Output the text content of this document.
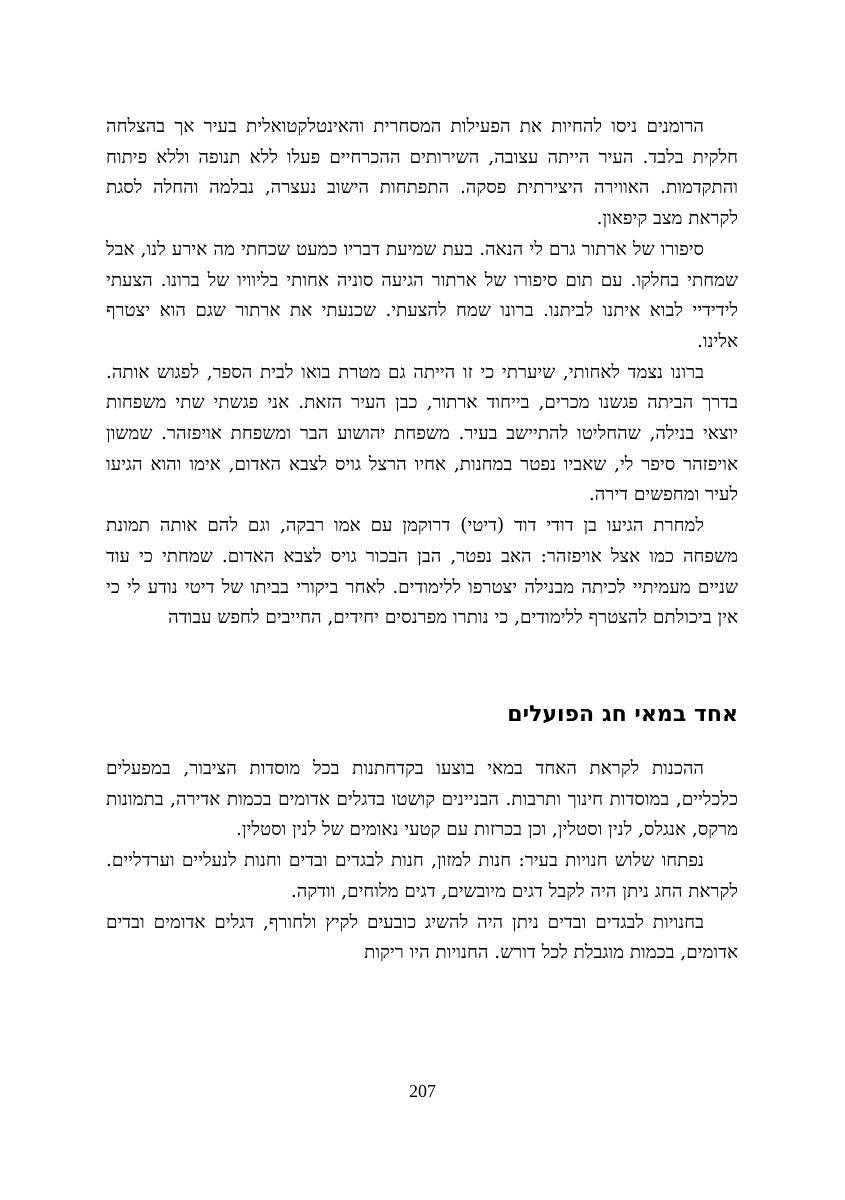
הרומנים ניסו להחיות את הפעילות המסחרית והאינטלקטואלית בעיר אך בהצלחה חלקית בלבד. העיר הייתה עצובה, השירותים ההכרחיים פעלו ללא תנופה וללא פיתוח והתקדמות. האווירה היצירתית פסקה. התפתחות הישוב נעצרה, נבלמה והחלה לסגת לקראת מצב קיפאון.

סיפורו של ארתור גרם לי הנאה. בעת שמיעת דבריו כמעט שכחתי מה אירע לנו, אבל שמחתי בחלקו. עם תום סיפורו של ארתור הגיעה סוניה אחותי בליוויו של ברונו. הצעתי לידידיי לבוא איתנו לביתנו. ברונו שמח להצעתי. שכנעתי את ארתור שגם הוא יצטרף אלינו.

ברונו נצמד לאחותי, שיערתי כי זו הייתה גם מטרת בואו לבית הספר, לפגוש אותה. בדרך הביתה פגשנו מכרים, בייחוד ארתור, כבן העיר הזאת. אני פגשתי שתי משפחות יוצאי בנילה, שהחליטו להתיישב בעיר. משפחת יהושוע הבר ומשפחת אויפזהר. שמשון אויפזהר סיפר לי, שאביו נפטר במחנות, אחיו הרצל גויס לצבא האדום, אימו והוא הגיעו לעיר ומחפשים דירה.

למחרת הגיעו בן דודי דוד (דיטי) דרוקמן עם אמו רבקה, וגם להם אותה תמונת משפחה כמו אצל אויפזהר: האב נפטר, הבן הבכור גויס לצבא האדום. שמחתי כי עוד שניים מעמיתיי לכיתה מבנילה יצטרפו ללימודים. לאחר ביקורי בביתו של דיטי נודע לי כי אין ביכולתם להצטרף ללימודים, כי נותרו מפרנסים יחידים, החייבים לחפש עבודה

אחד במאי חג הפועלים

ההכנות לקראת האחד במאי בוצעו בקדחתנות בכל מוסדות הציבור, במפעלים כלכליים, במוסדות חינוך ותרבות. הבניינים קושטו בדגלים אדומים בכמות אדירה, בתמונות מרקס, אנגלס, לנין וסטלין, וכן בכרזות עם קטעי נאומים של לנין וסטלין.

נפתחו שלוש חנויות בעיר: חנות למזון, חנות לבגדים ובדים וחנות לנעליים וערדליים. לקראת החג ניתן היה לקבל דגים מיובשים, דגים מלוחים, וודקה.

בחנויות לבגדים ובדים ניתן היה להשיג כובעים לקיץ ולחורף, דגלים אדומים ובדים אדומים, בכמות מוגבלת לכל דורש. החנויות היו ריקות

207
